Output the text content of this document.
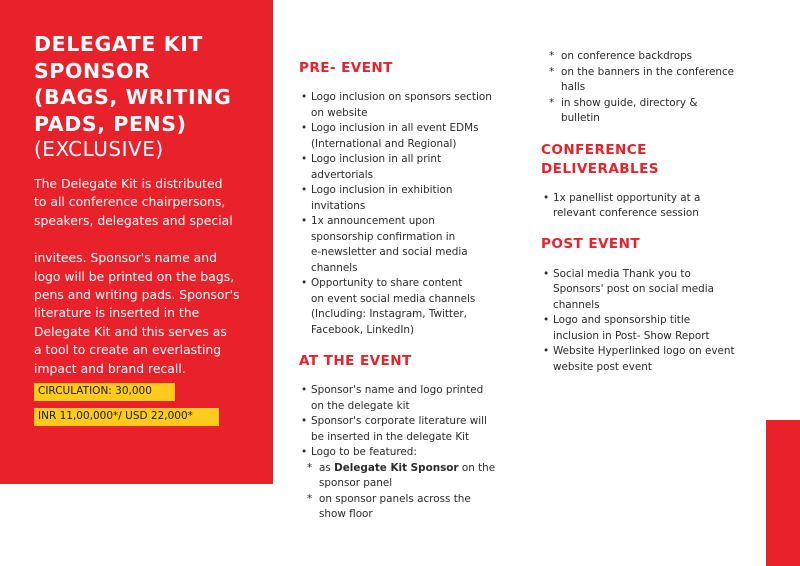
DELEGATE KIT
SPONSOR
(BAGS, WRITING
PADS, PENS)
(EXCLUSIVE)
The Delegate Kit is distributed
to all conference chairpersons,
speakers, delegates and special
invitees. Sponsor's name and
logo will be printed on the bags,
pens and writing pads. Sponsor's
literature is inserted in the
Delegate Kit and this serves as
a tool to create an everlasting
impact and brand recall.
CIRCULATION: 30,000
INR 11,00,000*/ USD 22,000*
PRE- EVENT
• Logo inclusion on sponsors section
on website
• Logo inclusion in all event EDMs
(International and Regional)
• Logo inclusion in all print
advertorials
• Logo inclusion in exhibition
invitations
• 1x announcement upon
sponsorship confirmation in
e-newsletter and social media
channels
• Opportunity to share content
on event social media channels
(Including: Instagram, Twitter,
Facebook, LinkedIn)
AT THE EVENT
• Sponsor's name and logo printed
on the delegate kit
• Sponsor's corporate literature will
be inserted in the delegate Kit
• Logo to be featured:
* as Delegate Kit Sponsor on the
sponsor panel
* on sponsor panels across the
show floor
* on conference backdrops
* on the banners in the conference
halls
* in show guide, directory &
bulletin
CONFERENCE
DELIVERABLES
• 1x panellist opportunity at a
relevant conference session
POST EVENT
• Social media Thank you to
Sponsors' post on social media
channels
• Logo and sponsorship title
inclusion in Post- Show Report
• Website Hyperlinked logo on event
website post event
